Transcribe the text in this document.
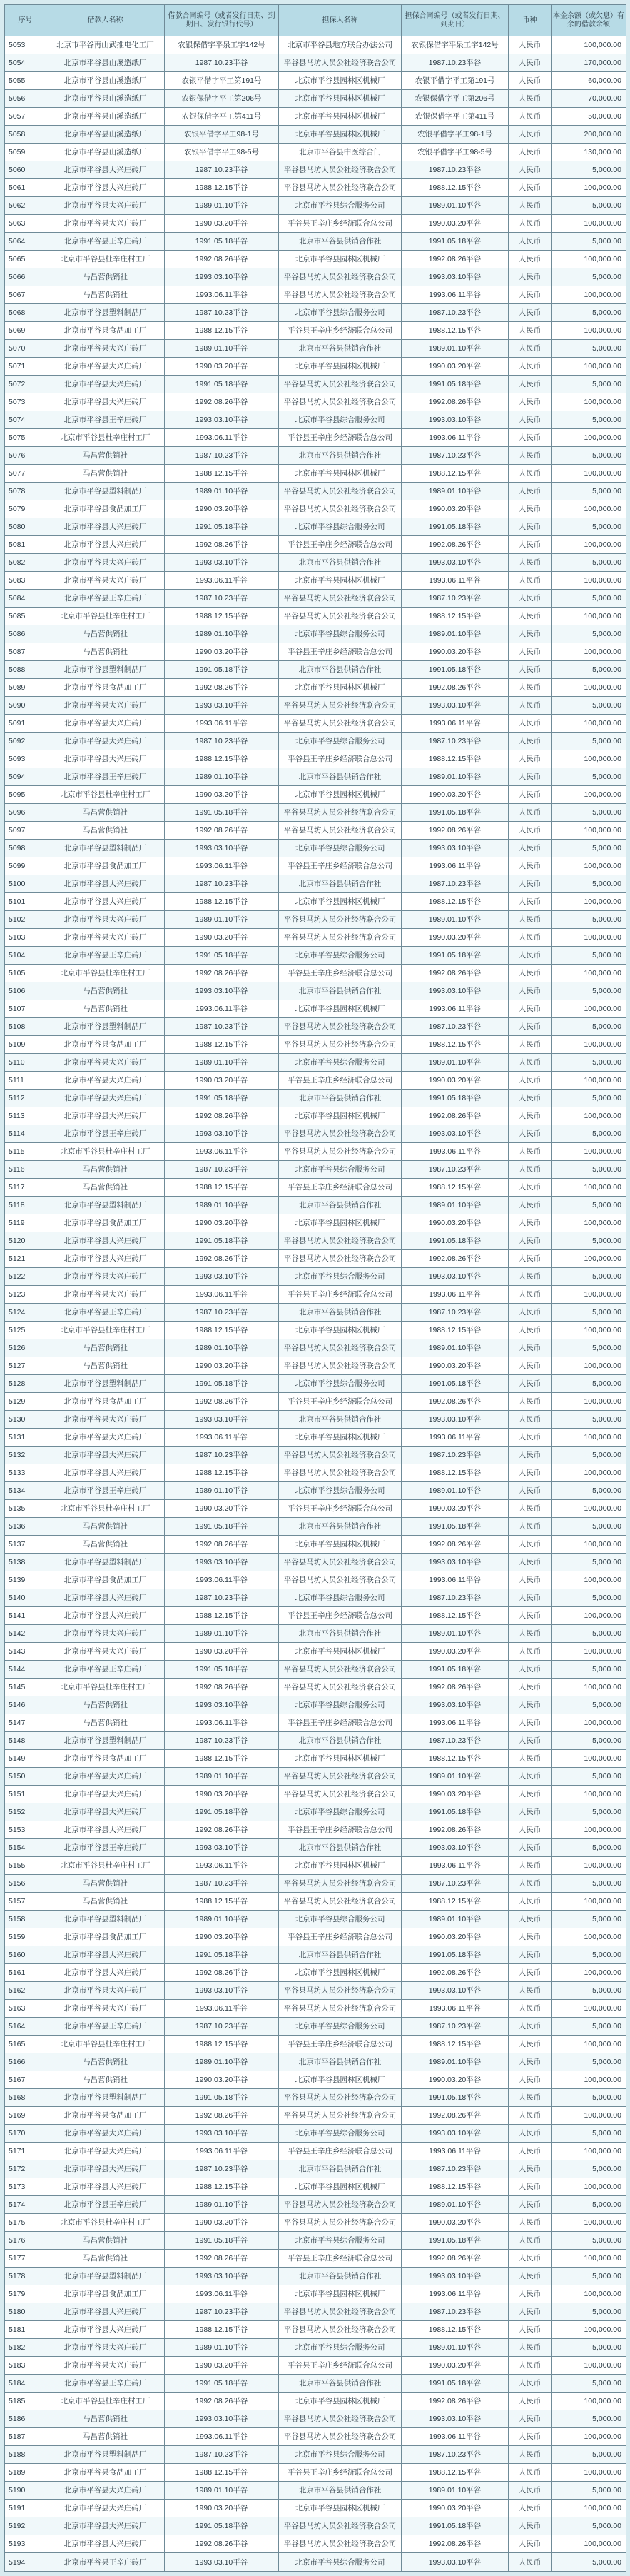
序号	借款人名称	借款合同编号（或者发行日期、到期日、发行银行代号）	担保人名称	担保合同编号（或者发行日期、到期日）	币种	本金余额（或欠息）有余的借款余额
5053	北京市平谷再山武推电化工厂	农银保借字平泉工字142号	北京市平谷县地方联合办法公司	农银保借字平泉工字142号	人民币	100,000.00
5054	北京市平谷县山溪造纸厂	1987.10.23平谷	平谷县马坊人员公社经济联合公司	1987.10.23平谷	人民币	170,000.00
5055	北京市平谷县山溪造纸厂	农银平借字平工第191号	北京市平谷县园林区机械厂	农银平借字平工第191号	人民币	60,000.00
5056	北京市平谷县山溪造纸厂	农银保借字平工第206号	北京市平谷县园林区机械厂	农银保借字平工第206号	人民币	70,000.00
5057	北京市平谷县山溪造纸厂	农银保借字平工第411号	北京市平谷县园林区机械厂	农银保借字平工第411号	人民币	50,000.00
5058	北京市平谷县山溪造纸厂	农银平借字平工98-1号	北京市平谷县园林区机械厂	农银平借字平工98-1号	人民币	200,000.00
5059	北京市平谷县山溪造纸厂	农银平借字平工98-5号	北京市平谷县中医综合门	农银平借字平工98-5号	人民币	130,000.00
5060	北京市平谷县大兴庄砖厂	1987.10.23平谷	平谷县马坊人员公社经济联合公司	1987.10.23平谷	人民币	5,000.00
5061	北京市平谷县大兴庄砖厂	1988.12.15平谷	平谷县马坊人员公社经济联合公司	1988.12.15平谷	人民币	100,000.00
5062	北京市平谷县大兴庄砖厂	1989.01.10平谷	北京市平谷县综合服务公司	1989.01.10平谷	人民币	5,000.00
5063	北京市平谷县大兴庄砖厂	1990.03.20平谷	平谷县王辛庄乡经济联合总公司	1990.03.20平谷	人民币	100,000.00
5064	北京市平谷县王辛庄砖厂	1991.05.18平谷	北京市平谷县供销合作社	1991.05.18平谷	人民币	5,000.00
5065	北京市平谷县杜辛庄村工厂	1992.08.26平谷	北京市平谷县园林区机械厂	1992.08.26平谷	人民币	100,000.00
5066	马昌营供销社	1993.03.10平谷	平谷县马坊人员公社经济联合公司	1993.03.10平谷	人民币	5,000.00
5067	马昌营供销社	1993.06.11平谷	平谷县马坊人员公社经济联合公司	1993.06.11平谷	人民币	100,000.00
5068	北京市平谷县塑料制品厂	1987.10.23平谷	北京市平谷县综合服务公司	1987.10.23平谷	人民币	5,000.00
5069	北京市平谷县食品加工厂	1988.12.15平谷	平谷县王辛庄乡经济联合总公司	1988.12.15平谷	人民币	100,000.00
5070	北京市平谷县大兴庄砖厂	1989.01.10平谷	北京市平谷县供销合作社	1989.01.10平谷	人民币	5,000.00
5071	北京市平谷县大兴庄砖厂	1990.03.20平谷	北京市平谷县园林区机械厂	1990.03.20平谷	人民币	100,000.00
5072	北京市平谷县大兴庄砖厂	1991.05.18平谷	平谷县马坊人员公社经济联合公司	1991.05.18平谷	人民币	5,000.00
5073	北京市平谷县大兴庄砖厂	1992.08.26平谷	平谷县马坊人员公社经济联合公司	1992.08.26平谷	人民币	100,000.00
5074	北京市平谷县王辛庄砖厂	1993.03.10平谷	北京市平谷县综合服务公司	1993.03.10平谷	人民币	5,000.00
5075	北京市平谷县杜辛庄村工厂	1993.06.11平谷	平谷县王辛庄乡经济联合总公司	1993.06.11平谷	人民币	100,000.00
5076	马昌营供销社	1987.10.23平谷	北京市平谷县供销合作社	1987.10.23平谷	人民币	5,000.00
5077	马昌营供销社	1988.12.15平谷	北京市平谷县园林区机械厂	1988.12.15平谷	人民币	100,000.00
5078	北京市平谷县塑料制品厂	1989.01.10平谷	平谷县马坊人员公社经济联合公司	1989.01.10平谷	人民币	5,000.00
5079	北京市平谷县食品加工厂	1990.03.20平谷	平谷县马坊人员公社经济联合公司	1990.03.20平谷	人民币	100,000.00
5080	北京市平谷县大兴庄砖厂	1991.05.18平谷	北京市平谷县综合服务公司	1991.05.18平谷	人民币	5,000.00
5081	北京市平谷县大兴庄砖厂	1992.08.26平谷	平谷县王辛庄乡经济联合总公司	1992.08.26平谷	人民币	100,000.00
5082	北京市平谷县大兴庄砖厂	1993.03.10平谷	北京市平谷县供销合作社	1993.03.10平谷	人民币	5,000.00
5083	北京市平谷县大兴庄砖厂	1993.06.11平谷	北京市平谷县园林区机械厂	1993.06.11平谷	人民币	100,000.00
5084	北京市平谷县王辛庄砖厂	1987.10.23平谷	平谷县马坊人员公社经济联合公司	1987.10.23平谷	人民币	5,000.00
5085	北京市平谷县杜辛庄村工厂	1988.12.15平谷	平谷县马坊人员公社经济联合公司	1988.12.15平谷	人民币	100,000.00
5086	马昌营供销社	1989.01.10平谷	北京市平谷县综合服务公司	1989.01.10平谷	人民币	5,000.00
5087	马昌营供销社	1990.03.20平谷	平谷县王辛庄乡经济联合总公司	1990.03.20平谷	人民币	100,000.00
5088	北京市平谷县塑料制品厂	1991.05.18平谷	北京市平谷县供销合作社	1991.05.18平谷	人民币	5,000.00
5089	北京市平谷县食品加工厂	1992.08.26平谷	北京市平谷县园林区机械厂	1992.08.26平谷	人民币	100,000.00
5090	北京市平谷县大兴庄砖厂	1993.03.10平谷	平谷县马坊人员公社经济联合公司	1993.03.10平谷	人民币	5,000.00
5091	北京市平谷县大兴庄砖厂	1993.06.11平谷	平谷县马坊人员公社经济联合公司	1993.06.11平谷	人民币	100,000.00
5092	北京市平谷县大兴庄砖厂	1987.10.23平谷	北京市平谷县综合服务公司	1987.10.23平谷	人民币	5,000.00
5093	北京市平谷县大兴庄砖厂	1988.12.15平谷	平谷县王辛庄乡经济联合总公司	1988.12.15平谷	人民币	100,000.00
5094	北京市平谷县王辛庄砖厂	1989.01.10平谷	北京市平谷县供销合作社	1989.01.10平谷	人民币	5,000.00
5095	北京市平谷县杜辛庄村工厂	1990.03.20平谷	北京市平谷县园林区机械厂	1990.03.20平谷	人民币	100,000.00
5096	马昌营供销社	1991.05.18平谷	平谷县马坊人员公社经济联合公司	1991.05.18平谷	人民币	5,000.00
5097	马昌营供销社	1992.08.26平谷	平谷县马坊人员公社经济联合公司	1992.08.26平谷	人民币	100,000.00
5098	北京市平谷县塑料制品厂	1993.03.10平谷	北京市平谷县综合服务公司	1993.03.10平谷	人民币	5,000.00
5099	北京市平谷县食品加工厂	1993.06.11平谷	平谷县王辛庄乡经济联合总公司	1993.06.11平谷	人民币	100,000.00
5100	北京市平谷县大兴庄砖厂	1987.10.23平谷	北京市平谷县供销合作社	1987.10.23平谷	人民币	5,000.00
5101	北京市平谷县大兴庄砖厂	1988.12.15平谷	北京市平谷县园林区机械厂	1988.12.15平谷	人民币	100,000.00
5102	北京市平谷县大兴庄砖厂	1989.01.10平谷	平谷县马坊人员公社经济联合公司	1989.01.10平谷	人民币	5,000.00
5103	北京市平谷县大兴庄砖厂	1990.03.20平谷	平谷县马坊人员公社经济联合公司	1990.03.20平谷	人民币	100,000.00
5104	北京市平谷县王辛庄砖厂	1991.05.18平谷	北京市平谷县综合服务公司	1991.05.18平谷	人民币	5,000.00
5105	北京市平谷县杜辛庄村工厂	1992.08.26平谷	平谷县王辛庄乡经济联合总公司	1992.08.26平谷	人民币	100,000.00
5106	马昌营供销社	1993.03.10平谷	北京市平谷县供销合作社	1993.03.10平谷	人民币	5,000.00
5107	马昌营供销社	1993.06.11平谷	北京市平谷县园林区机械厂	1993.06.11平谷	人民币	100,000.00
5108	北京市平谷县塑料制品厂	1987.10.23平谷	平谷县马坊人员公社经济联合公司	1987.10.23平谷	人民币	5,000.00
5109	北京市平谷县食品加工厂	1988.12.15平谷	平谷县马坊人员公社经济联合公司	1988.12.15平谷	人民币	100,000.00
5110	北京市平谷县大兴庄砖厂	1989.01.10平谷	北京市平谷县综合服务公司	1989.01.10平谷	人民币	5,000.00
5111	北京市平谷县大兴庄砖厂	1990.03.20平谷	平谷县王辛庄乡经济联合总公司	1990.03.20平谷	人民币	100,000.00
5112	北京市平谷县大兴庄砖厂	1991.05.18平谷	北京市平谷县供销合作社	1991.05.18平谷	人民币	5,000.00
5113	北京市平谷县大兴庄砖厂	1992.08.26平谷	北京市平谷县园林区机械厂	1992.08.26平谷	人民币	100,000.00
5114	北京市平谷县王辛庄砖厂	1993.03.10平谷	平谷县马坊人员公社经济联合公司	1993.03.10平谷	人民币	5,000.00
5115	北京市平谷县杜辛庄村工厂	1993.06.11平谷	平谷县马坊人员公社经济联合公司	1993.06.11平谷	人民币	100,000.00
5116	马昌营供销社	1987.10.23平谷	北京市平谷县综合服务公司	1987.10.23平谷	人民币	5,000.00
5117	马昌营供销社	1988.12.15平谷	平谷县王辛庄乡经济联合总公司	1988.12.15平谷	人民币	100,000.00
5118	北京市平谷县塑料制品厂	1989.01.10平谷	北京市平谷县供销合作社	1989.01.10平谷	人民币	5,000.00
5119	北京市平谷县食品加工厂	1990.03.20平谷	北京市平谷县园林区机械厂	1990.03.20平谷	人民币	100,000.00
5120	北京市平谷县大兴庄砖厂	1991.05.18平谷	平谷县马坊人员公社经济联合公司	1991.05.18平谷	人民币	5,000.00
5121	北京市平谷县大兴庄砖厂	1992.08.26平谷	平谷县马坊人员公社经济联合公司	1992.08.26平谷	人民币	100,000.00
5122	北京市平谷县大兴庄砖厂	1993.03.10平谷	北京市平谷县综合服务公司	1993.03.10平谷	人民币	5,000.00
5123	北京市平谷县大兴庄砖厂	1993.06.11平谷	平谷县王辛庄乡经济联合总公司	1993.06.11平谷	人民币	100,000.00
5124	北京市平谷县王辛庄砖厂	1987.10.23平谷	北京市平谷县供销合作社	1987.10.23平谷	人民币	5,000.00
5125	北京市平谷县杜辛庄村工厂	1988.12.15平谷	北京市平谷县园林区机械厂	1988.12.15平谷	人民币	100,000.00
5126	马昌营供销社	1989.01.10平谷	平谷县马坊人员公社经济联合公司	1989.01.10平谷	人民币	5,000.00
5127	马昌营供销社	1990.03.20平谷	平谷县马坊人员公社经济联合公司	1990.03.20平谷	人民币	100,000.00
5128	北京市平谷县塑料制品厂	1991.05.18平谷	北京市平谷县综合服务公司	1991.05.18平谷	人民币	5,000.00
5129	北京市平谷县食品加工厂	1992.08.26平谷	平谷县王辛庄乡经济联合总公司	1992.08.26平谷	人民币	100,000.00
5130	北京市平谷县大兴庄砖厂	1993.03.10平谷	北京市平谷县供销合作社	1993.03.10平谷	人民币	5,000.00
5131	北京市平谷县大兴庄砖厂	1993.06.11平谷	北京市平谷县园林区机械厂	1993.06.11平谷	人民币	100,000.00
5132	北京市平谷县大兴庄砖厂	1987.10.23平谷	平谷县马坊人员公社经济联合公司	1987.10.23平谷	人民币	5,000.00
5133	北京市平谷县大兴庄砖厂	1988.12.15平谷	平谷县马坊人员公社经济联合公司	1988.12.15平谷	人民币	100,000.00
5134	北京市平谷县王辛庄砖厂	1989.01.10平谷	北京市平谷县综合服务公司	1989.01.10平谷	人民币	5,000.00
5135	北京市平谷县杜辛庄村工厂	1990.03.20平谷	平谷县王辛庄乡经济联合总公司	1990.03.20平谷	人民币	100,000.00
5136	马昌营供销社	1991.05.18平谷	北京市平谷县供销合作社	1991.05.18平谷	人民币	5,000.00
5137	马昌营供销社	1992.08.26平谷	北京市平谷县园林区机械厂	1992.08.26平谷	人民币	100,000.00
5138	北京市平谷县塑料制品厂	1993.03.10平谷	平谷县马坊人员公社经济联合公司	1993.03.10平谷	人民币	5,000.00
5139	北京市平谷县食品加工厂	1993.06.11平谷	平谷县马坊人员公社经济联合公司	1993.06.11平谷	人民币	100,000.00
5140	北京市平谷县大兴庄砖厂	1987.10.23平谷	北京市平谷县综合服务公司	1987.10.23平谷	人民币	5,000.00
5141	北京市平谷县大兴庄砖厂	1988.12.15平谷	平谷县王辛庄乡经济联合总公司	1988.12.15平谷	人民币	100,000.00
5142	北京市平谷县大兴庄砖厂	1989.01.10平谷	北京市平谷县供销合作社	1989.01.10平谷	人民币	5,000.00
5143	北京市平谷县大兴庄砖厂	1990.03.20平谷	北京市平谷县园林区机械厂	1990.03.20平谷	人民币	100,000.00
5144	北京市平谷县王辛庄砖厂	1991.05.18平谷	平谷县马坊人员公社经济联合公司	1991.05.18平谷	人民币	5,000.00
5145	北京市平谷县杜辛庄村工厂	1992.08.26平谷	平谷县马坊人员公社经济联合公司	1992.08.26平谷	人民币	100,000.00
5146	马昌营供销社	1993.03.10平谷	北京市平谷县综合服务公司	1993.03.10平谷	人民币	5,000.00
5147	马昌营供销社	1993.06.11平谷	平谷县王辛庄乡经济联合总公司	1993.06.11平谷	人民币	100,000.00
5148	北京市平谷县塑料制品厂	1987.10.23平谷	北京市平谷县供销合作社	1987.10.23平谷	人民币	5,000.00
5149	北京市平谷县食品加工厂	1988.12.15平谷	北京市平谷县园林区机械厂	1988.12.15平谷	人民币	100,000.00
5150	北京市平谷县大兴庄砖厂	1989.01.10平谷	平谷县马坊人员公社经济联合公司	1989.01.10平谷	人民币	5,000.00
5151	北京市平谷县大兴庄砖厂	1990.03.20平谷	平谷县马坊人员公社经济联合公司	1990.03.20平谷	人民币	100,000.00
5152	北京市平谷县大兴庄砖厂	1991.05.18平谷	北京市平谷县综合服务公司	1991.05.18平谷	人民币	5,000.00
5153	北京市平谷县大兴庄砖厂	1992.08.26平谷	平谷县王辛庄乡经济联合总公司	1992.08.26平谷	人民币	100,000.00
5154	北京市平谷县王辛庄砖厂	1993.03.10平谷	北京市平谷县供销合作社	1993.03.10平谷	人民币	5,000.00
5155	北京市平谷县杜辛庄村工厂	1993.06.11平谷	北京市平谷县园林区机械厂	1993.06.11平谷	人民币	100,000.00
5156	马昌营供销社	1987.10.23平谷	平谷县马坊人员公社经济联合公司	1987.10.23平谷	人民币	5,000.00
5157	马昌营供销社	1988.12.15平谷	平谷县马坊人员公社经济联合公司	1988.12.15平谷	人民币	100,000.00
5158	北京市平谷县塑料制品厂	1989.01.10平谷	北京市平谷县综合服务公司	1989.01.10平谷	人民币	5,000.00
5159	北京市平谷县食品加工厂	1990.03.20平谷	平谷县王辛庄乡经济联合总公司	1990.03.20平谷	人民币	100,000.00
5160	北京市平谷县大兴庄砖厂	1991.05.18平谷	北京市平谷县供销合作社	1991.05.18平谷	人民币	5,000.00
5161	北京市平谷县大兴庄砖厂	1992.08.26平谷	北京市平谷县园林区机械厂	1992.08.26平谷	人民币	100,000.00
5162	北京市平谷县大兴庄砖厂	1993.03.10平谷	平谷县马坊人员公社经济联合公司	1993.03.10平谷	人民币	5,000.00
5163	北京市平谷县大兴庄砖厂	1993.06.11平谷	平谷县马坊人员公社经济联合公司	1993.06.11平谷	人民币	100,000.00
5164	北京市平谷县王辛庄砖厂	1987.10.23平谷	北京市平谷县综合服务公司	1987.10.23平谷	人民币	5,000.00
5165	北京市平谷县杜辛庄村工厂	1988.12.15平谷	平谷县王辛庄乡经济联合总公司	1988.12.15平谷	人民币	100,000.00
5166	马昌营供销社	1989.01.10平谷	北京市平谷县供销合作社	1989.01.10平谷	人民币	5,000.00
5167	马昌营供销社	1990.03.20平谷	北京市平谷县园林区机械厂	1990.03.20平谷	人民币	100,000.00
5168	北京市平谷县塑料制品厂	1991.05.18平谷	平谷县马坊人员公社经济联合公司	1991.05.18平谷	人民币	5,000.00
5169	北京市平谷县食品加工厂	1992.08.26平谷	平谷县马坊人员公社经济联合公司	1992.08.26平谷	人民币	100,000.00
5170	北京市平谷县大兴庄砖厂	1993.03.10平谷	北京市平谷县综合服务公司	1993.03.10平谷	人民币	5,000.00
5171	北京市平谷县大兴庄砖厂	1993.06.11平谷	平谷县王辛庄乡经济联合总公司	1993.06.11平谷	人民币	100,000.00
5172	北京市平谷县大兴庄砖厂	1987.10.23平谷	北京市平谷县供销合作社	1987.10.23平谷	人民币	5,000.00
5173	北京市平谷县大兴庄砖厂	1988.12.15平谷	北京市平谷县园林区机械厂	1988.12.15平谷	人民币	100,000.00
5174	北京市平谷县王辛庄砖厂	1989.01.10平谷	平谷县马坊人员公社经济联合公司	1989.01.10平谷	人民币	5,000.00
5175	北京市平谷县杜辛庄村工厂	1990.03.20平谷	平谷县马坊人员公社经济联合公司	1990.03.20平谷	人民币	100,000.00
5176	马昌营供销社	1991.05.18平谷	北京市平谷县综合服务公司	1991.05.18平谷	人民币	5,000.00
5177	马昌营供销社	1992.08.26平谷	平谷县王辛庄乡经济联合总公司	1992.08.26平谷	人民币	100,000.00
5178	北京市平谷县塑料制品厂	1993.03.10平谷	北京市平谷县供销合作社	1993.03.10平谷	人民币	5,000.00
5179	北京市平谷县食品加工厂	1993.06.11平谷	北京市平谷县园林区机械厂	1993.06.11平谷	人民币	100,000.00
5180	北京市平谷县大兴庄砖厂	1987.10.23平谷	平谷县马坊人员公社经济联合公司	1987.10.23平谷	人民币	5,000.00
5181	北京市平谷县大兴庄砖厂	1988.12.15平谷	平谷县马坊人员公社经济联合公司	1988.12.15平谷	人民币	100,000.00
5182	北京市平谷县大兴庄砖厂	1989.01.10平谷	北京市平谷县综合服务公司	1989.01.10平谷	人民币	5,000.00
5183	北京市平谷县大兴庄砖厂	1990.03.20平谷	平谷县王辛庄乡经济联合总公司	1990.03.20平谷	人民币	100,000.00
5184	北京市平谷县王辛庄砖厂	1991.05.18平谷	北京市平谷县供销合作社	1991.05.18平谷	人民币	5,000.00
5185	北京市平谷县杜辛庄村工厂	1992.08.26平谷	北京市平谷县园林区机械厂	1992.08.26平谷	人民币	100,000.00
5186	马昌营供销社	1993.03.10平谷	平谷县马坊人员公社经济联合公司	1993.03.10平谷	人民币	5,000.00
5187	马昌营供销社	1993.06.11平谷	平谷县马坊人员公社经济联合公司	1993.06.11平谷	人民币	100,000.00
5188	北京市平谷县塑料制品厂	1987.10.23平谷	北京市平谷县综合服务公司	1987.10.23平谷	人民币	5,000.00
5189	北京市平谷县食品加工厂	1988.12.15平谷	平谷县王辛庄乡经济联合总公司	1988.12.15平谷	人民币	100,000.00
5190	北京市平谷县大兴庄砖厂	1989.01.10平谷	北京市平谷县供销合作社	1989.01.10平谷	人民币	5,000.00
5191	北京市平谷县大兴庄砖厂	1990.03.20平谷	北京市平谷县园林区机械厂	1990.03.20平谷	人民币	100,000.00
5192	北京市平谷县大兴庄砖厂	1991.05.18平谷	平谷县马坊人员公社经济联合公司	1991.05.18平谷	人民币	5,000.00
5193	北京市平谷县大兴庄砖厂	1992.08.26平谷	平谷县马坊人员公社经济联合公司	1992.08.26平谷	人民币	100,000.00
5194	北京市平谷县王辛庄砖厂	1993.03.10平谷	北京市平谷县综合服务公司	1993.03.10平谷	人民币	5,000.00
